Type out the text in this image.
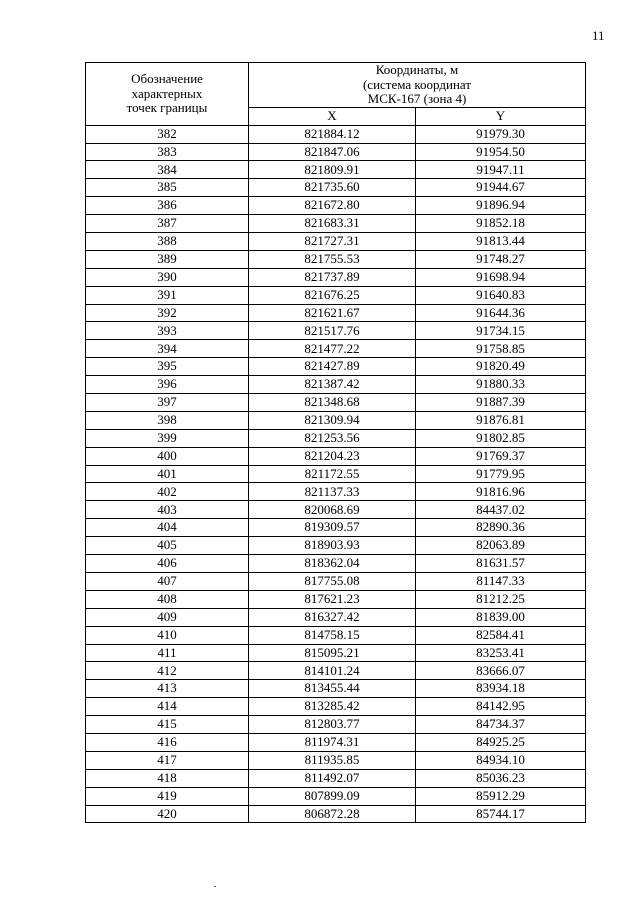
11
Обозначение
характерных
точек границы	Координаты, м
(система координат
МСК-167 (зона 4)	

	X	Y
382	821884.12	91979.30
383	821847.06	91954.50
384	821809.91	91947.11
385	821735.60	91944.67
386	821672.80	91896.94
387	821683.31	91852.18
388	821727.31	91813.44
389	821755.53	91748.27
390	821737.89	91698.94
391	821676.25	91640.83
392	821621.67	91644.36
393	821517.76	91734.15
394	821477.22	91758.85
395	821427.89	91820.49
396	821387.42	91880.33
397	821348.68	91887.39
398	821309.94	91876.81
399	821253.56	91802.85
400	821204.23	91769.37
401	821172.55	91779.95
402	821137.33	91816.96
403	820068.69	84437.02
404	819309.57	82890.36
405	818903.93	82063.89
406	818362.04	81631.57
407	817755.08	81147.33
408	817621.23	81212.25
409	816327.42	81839.00
410	814758.15	82584.41
411	815095.21	83253.41
412	814101.24	83666.07
413	813455.44	83934.18
414	813285.42	84142.95
415	812803.77	84734.37
416	811974.31	84925.25
417	811935.85	84934.10
418	811492.07	85036.23
419	807899.09	85912.29
420	806872.28	85744.17
